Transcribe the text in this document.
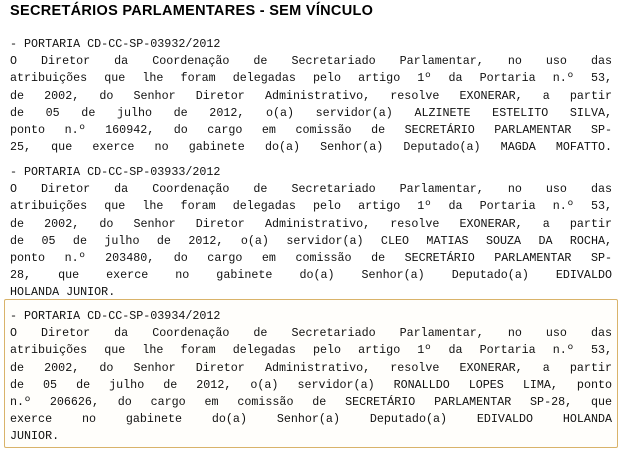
SECRETÁRIOS PARLAMENTARES - SEM VÍNCULO
- PORTARIA CD-CC-SP-03932/2012
O Diretor da Coordenação de Secretariado Parlamentar, no uso das
atribuições que lhe foram delegadas pelo artigo 1º da Portaria n.º 53,
de 2002, do Senhor Diretor Administrativo, resolve EXONERAR, a partir
de 05 de julho de 2012, o(a) servidor(a) ALZINETE ESTELITO SILVA,
ponto n.º 160942, do cargo em comissão de SECRETÁRIO PARLAMENTAR SP-
25, que exerce no gabinete do(a) Senhor(a) Deputado(a) MAGDA MOFATTO.
- PORTARIA CD-CC-SP-03933/2012
O Diretor da Coordenação de Secretariado Parlamentar, no uso das
atribuições que lhe foram delegadas pelo artigo 1º da Portaria n.º 53,
de 2002, do Senhor Diretor Administrativo, resolve EXONERAR, a partir
de 05 de julho de 2012, o(a) servidor(a) CLEO MATIAS SOUZA DA ROCHA,
ponto n.º 203480, do cargo em comissão de SECRETÁRIO PARLAMENTAR SP-
28, que exerce no gabinete do(a) Senhor(a) Deputado(a) EDIVALDO
HOLANDA JUNIOR.
- PORTARIA CD-CC-SP-03934/2012
O Diretor da Coordenação de Secretariado Parlamentar, no uso das
atribuições que lhe foram delegadas pelo artigo 1º da Portaria n.º 53,
de 2002, do Senhor Diretor Administrativo, resolve EXONERAR, a partir
de 05 de julho de 2012, o(a) servidor(a) RONALLDO LOPES LIMA, ponto
n.º 206626, do cargo em comissão de SECRETÁRIO PARLAMENTAR SP-28, que
exerce no gabinete do(a) Senhor(a) Deputado(a) EDIVALDO HOLANDA
JUNIOR.
